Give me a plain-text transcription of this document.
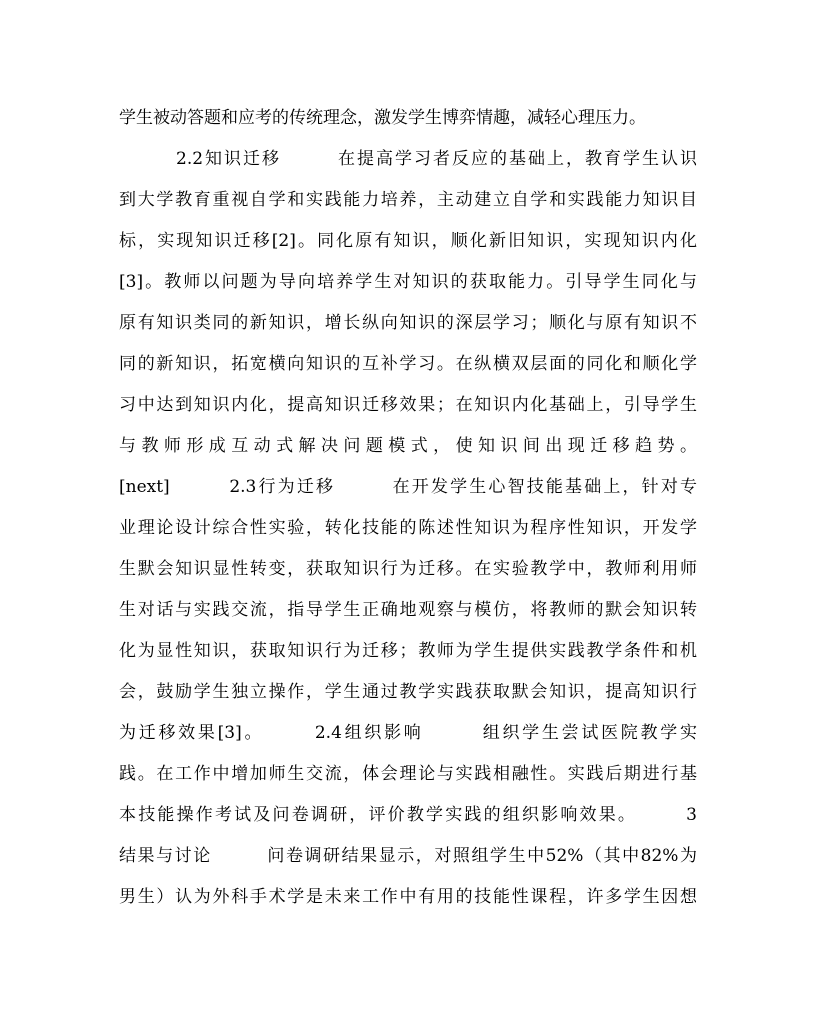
学生被动答题和应考的传统理念，激发学生博弈情趣，减轻心理压力。
2.2知识迁移　　　在提高学习者反应的基础上，教育学生认识
到大学教育重视自学和实践能力培养，主动建立自学和实践能力知识目
标，实现知识迁移[2]。同化原有知识，顺化新旧知识，实现知识内化
[3]。教师以问题为导向培养学生对知识的获取能力。引导学生同化与
原有知识类同的新知识，增长纵向知识的深层学习；顺化与原有知识不
同的新知识，拓宽横向知识的互补学习。在纵横双层面的同化和顺化学
习中达到知识内化，提高知识迁移效果；在知识内化基础上，引导学生
与教师形成互动式解决问题模式，使知识间出现迁移趋势。
[next]　　　2.3行为迁移　　　在开发学生心智技能基础上，针对专
业理论设计综合性实验，转化技能的陈述性知识为程序性知识，开发学
生默会知识显性转变，获取知识行为迁移。在实验教学中，教师利用师
生对话与实践交流，指导学生正确地观察与模仿，将教师的默会知识转
化为显性知识，获取知识行为迁移；教师为学生提供实践教学条件和机
会，鼓励学生独立操作，学生通过教学实践获取默会知识，提高知识行
为迁移效果[3]。　　　2.4组织影响　　　组织学生尝试医院教学实
践。在工作中增加师生交流，体会理论与实践相融性。实践后期进行基
本技能操作考试及问卷调研，评价教学实践的组织影响效果。　　　3
结果与讨论　　　问卷调研结果显示，对照组学生中52%（其中82%为
男生）认为外科手术学是未来工作中有用的技能性课程，许多学生因想
